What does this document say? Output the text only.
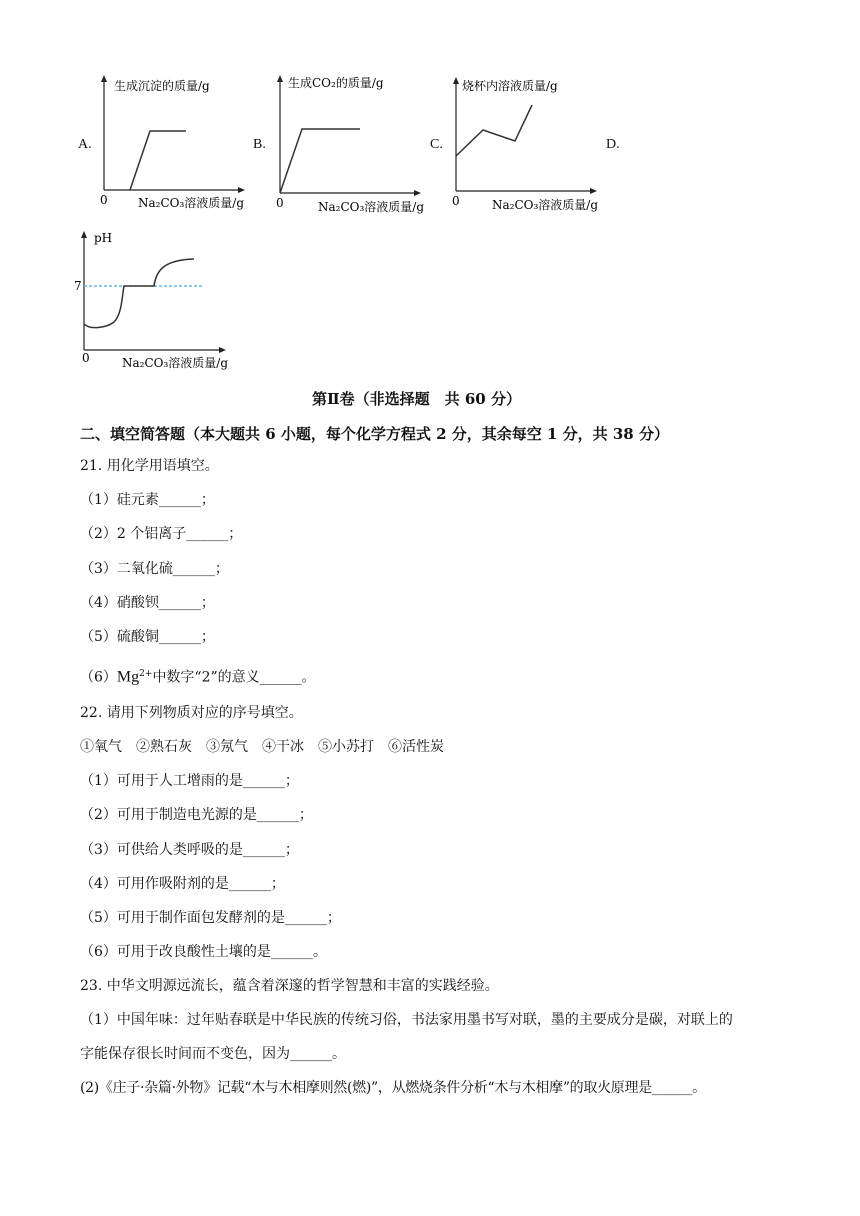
A.	B.	C.	D.
生成沉淀的质量/g
0	Na₂CO₃溶液质量/g
生成CO₂的质量/g
0	Na₂CO₃溶液质量/g
烧杯内溶液质量/g
0	Na₂CO₃溶液质量/g
pH
7
0	Na₂CO₃溶液质量/g
第Ⅱ卷（非选择题　共 60 分）
二、填空简答题（本大题共 6 小题，每个化学方程式 2 分，其余每空 1 分，共 38 分）
21. 用化学用语填空。
（1）硅元素______；
（2）2 个铝离子______；
（3）二氧化硫______；
（4）硝酸钡______；
（5）硫酸铜______；
$(6)Mg^{2+}$中数字“2”的意义______。
22. 请用下列物质对应的序号填空。
①氧气　②熟石灰　③氖气　④干冰　⑤小苏打　⑥活性炭
（1）可用于人工增雨的是______；
（2）可用于制造电光源的是______；
（3）可供给人类呼吸的是______；
（4）可用作吸附剂的是______；
（5）可用于制作面包发酵剂的是______；
（6）可用于改良酸性土壤的是______。
23. 中华文明源远流长，蕴含着深邃的哲学智慧和丰富的实践经验。
（1）中国年味：过年贴春联是中华民族的传统习俗，书法家用墨书写对联，墨的主要成分是碳，对联上的
字能保存很长时间而不变色，因为______。
(2)《庄子·杂篇·外物》记载“木与木相摩则然(燃)”，从燃烧条件分析“木与木相摩”的取火原理是______。
